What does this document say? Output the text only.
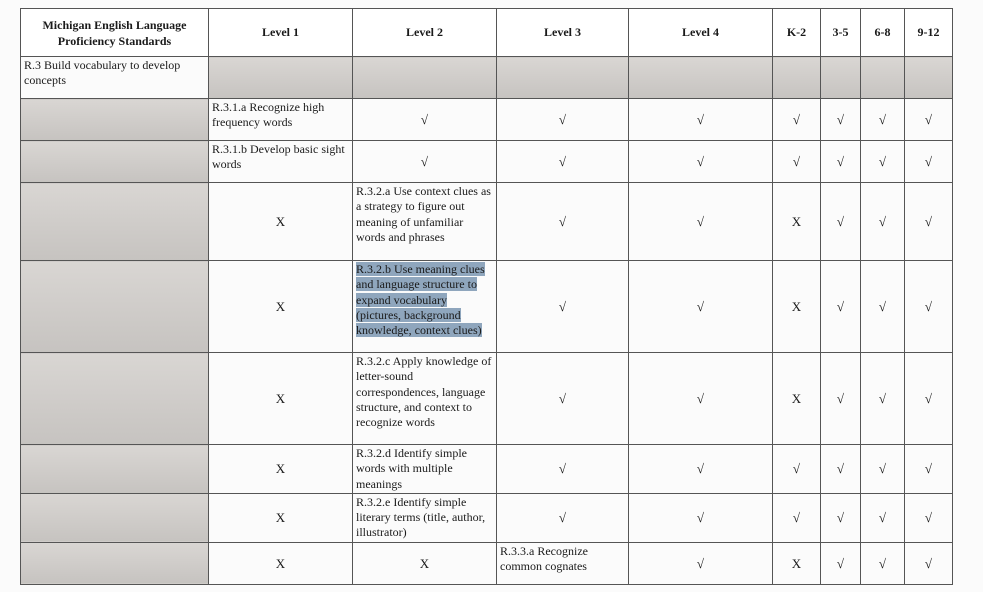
Michigan English Language Proficiency Standards	Level 1	Level 2	Level 3	Level 4	K-2	3-5	6-8	9-12
R.3 Build vocabulary to develop concepts								
	R.3.1.a Recognize high frequency words	√	√	√	√	√	√	√
	R.3.1.b Develop basic sight words	√	√	√	√	√	√	√
	X	R.3.2.a Use context clues as a strategy to figure out meaning of unfamiliar words and phrases	√	√	X	√	√	√
	X	R.3.2.b Use meaning clues and language structure to expand vocabulary (pictures, background knowledge, context clues)	√	√	X	√	√	√
	X	R.3.2.c Apply knowledge of letter-sound correspondences, language structure, and context to recognize words	√	√	X	√	√	√
	X	R.3.2.d Identify simple words with multiple meanings	√	√	√	√	√	√
	X	R.3.2.e Identify simple literary terms (title, author, illustrator)	√	√	√	√	√	√
	X	X	R.3.3.a Recognize common cognates	√	X	√	√	√
